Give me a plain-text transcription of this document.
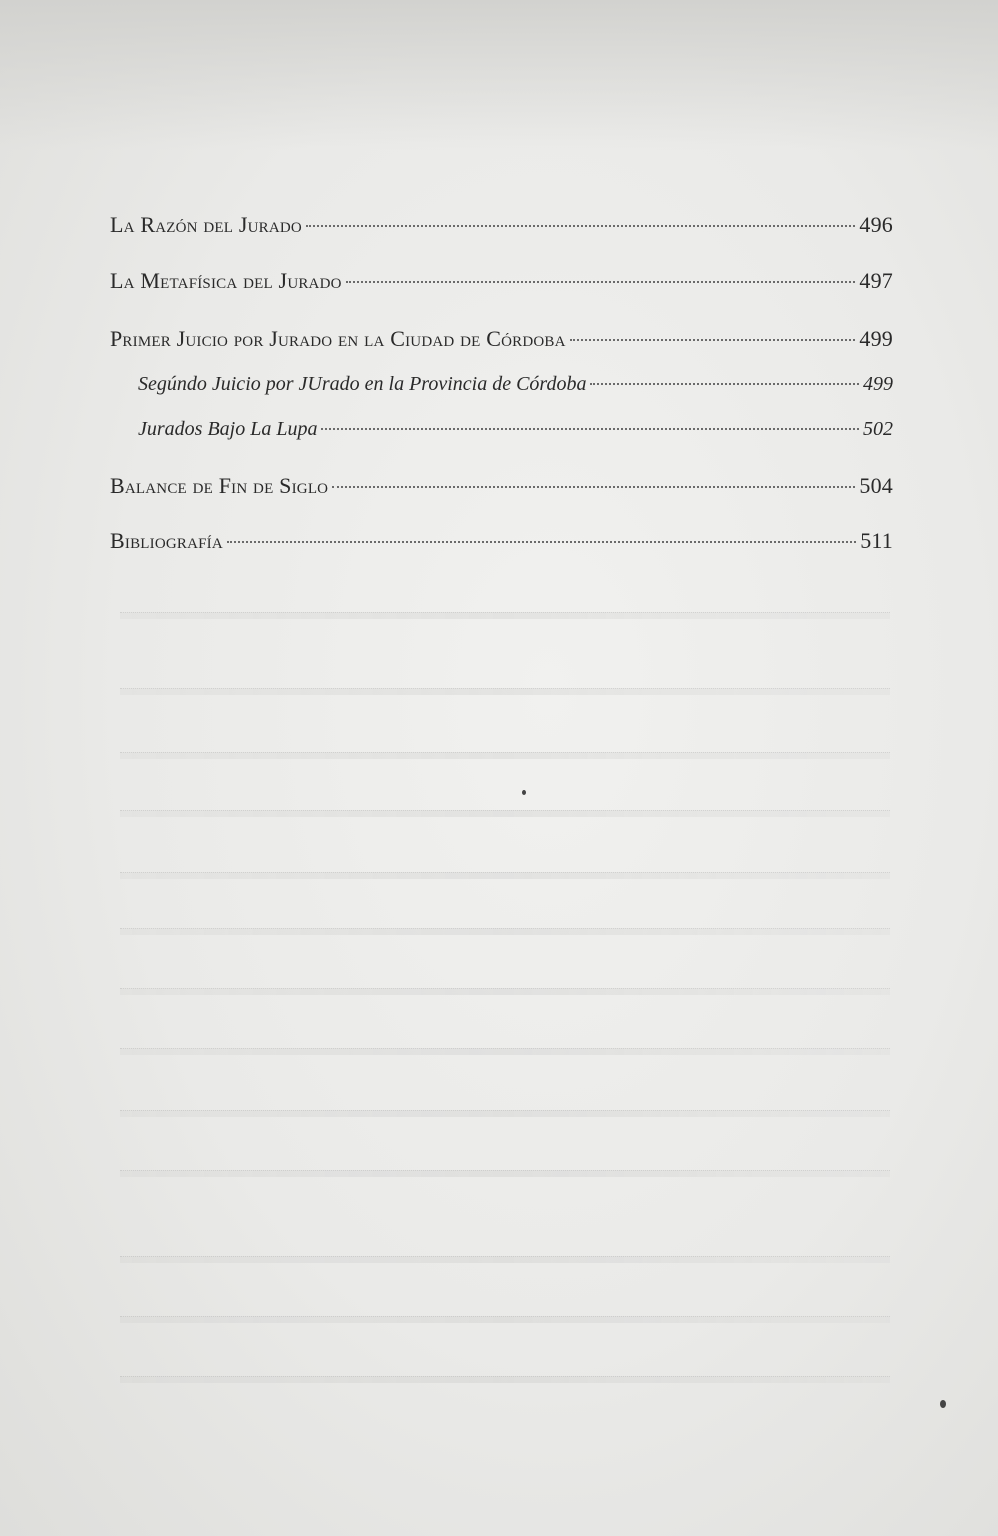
La Razón del Jurado	496
La Metafísica del Jurado	497
Primer Juicio por Jurado en la Ciudad de Córdoba	499
Segúndo Juicio por JUrado en la Provincia de Córdoba	499
Jurados Bajo La Lupa	502
Balance de Fin de Siglo	504
Bibliografía	511
